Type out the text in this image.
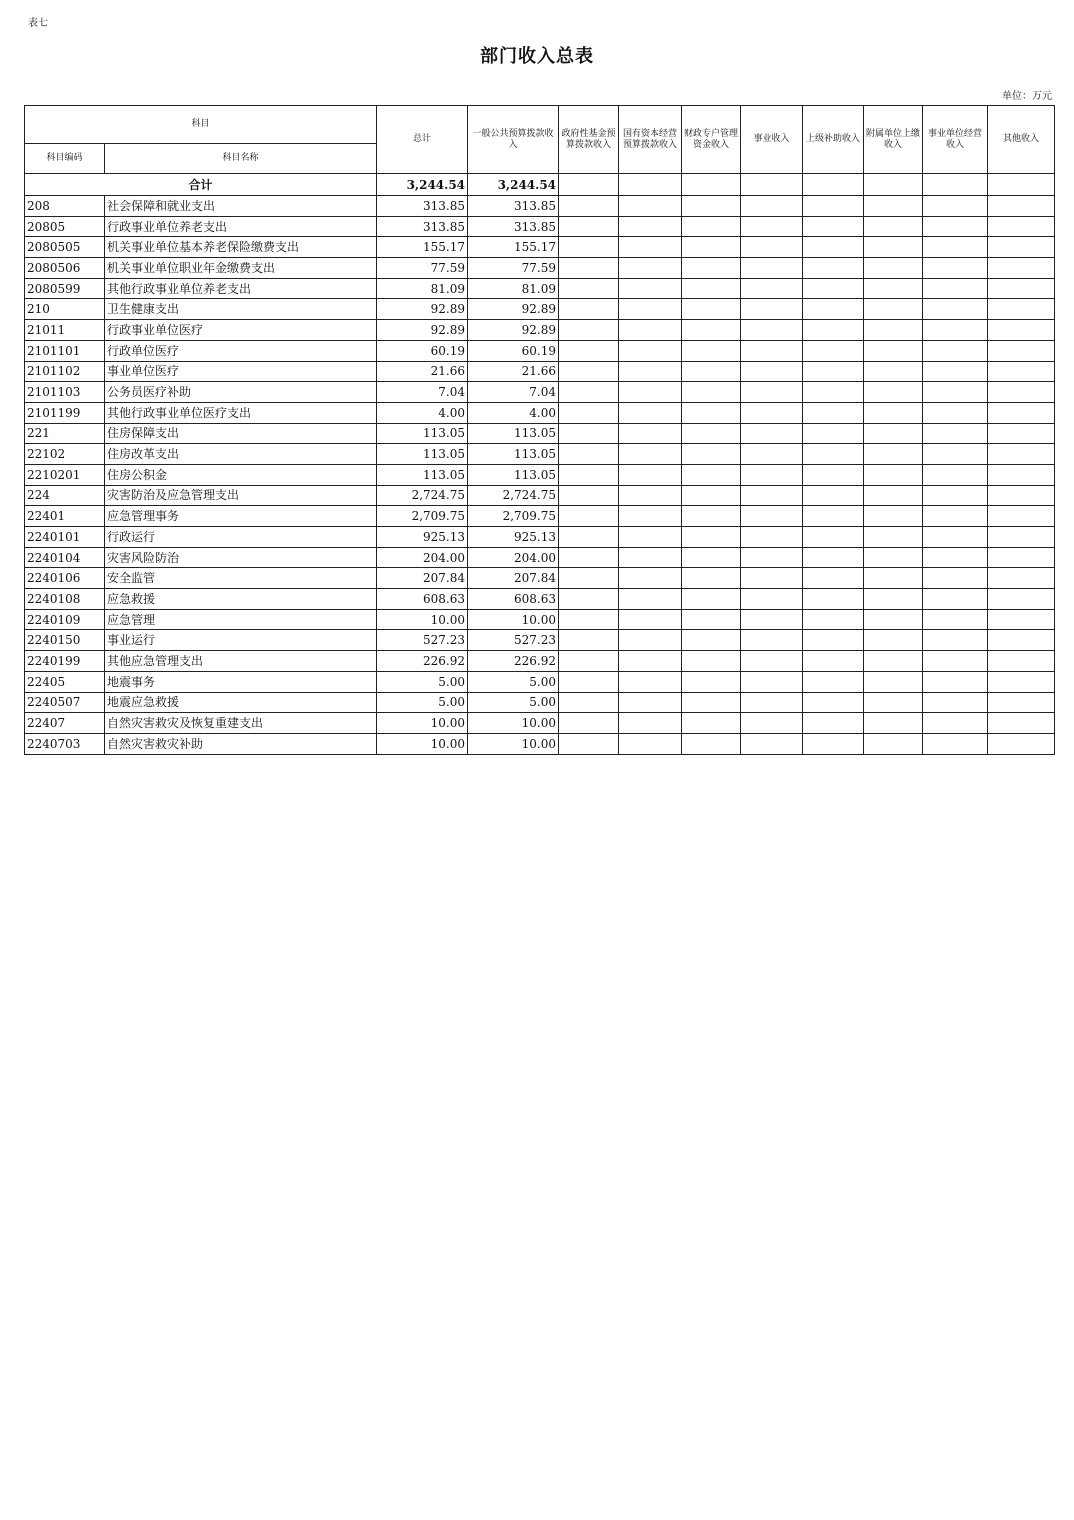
表七
部门收入总表
单位：万元
科目		总计	一般公共预算拨款收入	政府性基金预算拨款收入	国有资本经营预算拨款收入	财政专户管理资金收入	事业收入	上级补助收入	附属单位上缴收入	事业单位经营收入	其他收入
科目编码	科目名称										
合计		3,244.54	3,244.54								
208	社会保障和就业支出	313.85	313.85								
20805	行政事业单位养老支出	313.85	313.85								
2080505	机关事业单位基本养老保险缴费支出	155.17	155.17								
2080506	机关事业单位职业年金缴费支出	77.59	77.59								
2080599	其他行政事业单位养老支出	81.09	81.09								
210	卫生健康支出	92.89	92.89								
21011	行政事业单位医疗	92.89	92.89								
2101101	行政单位医疗	60.19	60.19								
2101102	事业单位医疗	21.66	21.66								
2101103	公务员医疗补助	7.04	7.04								
2101199	其他行政事业单位医疗支出	4.00	4.00								
221	住房保障支出	113.05	113.05								
22102	住房改革支出	113.05	113.05								
2210201	住房公积金	113.05	113.05								
224	灾害防治及应急管理支出	2,724.75	2,724.75								
22401	应急管理事务	2,709.75	2,709.75								
2240101	行政运行	925.13	925.13								
2240104	灾害风险防治	204.00	204.00								
2240106	安全监管	207.84	207.84								
2240108	应急救援	608.63	608.63								
2240109	应急管理	10.00	10.00								
2240150	事业运行	527.23	527.23								
2240199	其他应急管理支出	226.92	226.92								
22405	地震事务	5.00	5.00								
2240507	地震应急救援	5.00	5.00								
22407	自然灾害救灾及恢复重建支出	10.00	10.00								
2240703	自然灾害救灾补助	10.00	10.00								
